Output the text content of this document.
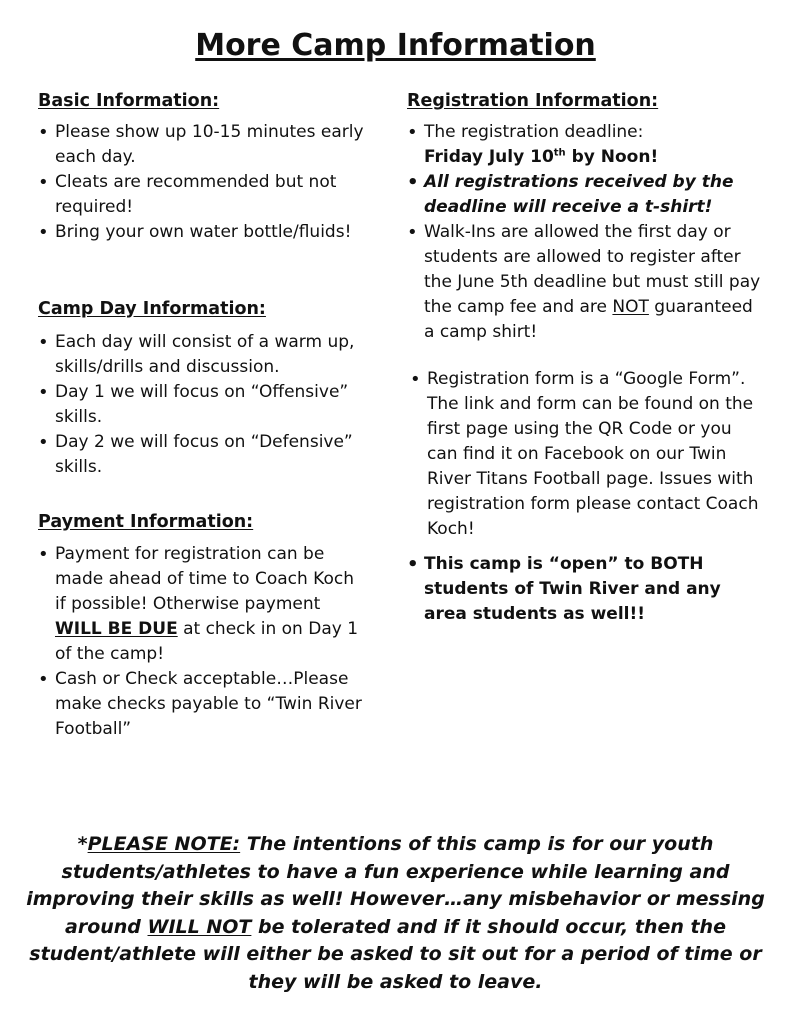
More Camp Information
Basic Information:
• Please show up 10-15 minutes early each day.
• Cleats are recommended but not required!
• Bring your own water bottle/fluids!
Camp Day Information:
• Each day will consist of a warm up, skills/drills and discussion.
• Day 1 we will focus on “Offensive” skills.
• Day 2 we will focus on “Defensive” skills.
Payment Information:
• Payment for registration can be made ahead of time to Coach Koch if possible! Otherwise payment WILL BE DUE at check in on Day 1 of the camp!
• Cash or Check acceptable…Please make checks payable to “Twin River Football”
Registration Information:
• The registration deadline:
Friday July 10th by Noon!
• All registrations received by the deadline will receive a t-shirt!
• Walk-Ins are allowed the first day or students are allowed to register after the June 5th deadline but must still pay the camp fee and are NOT guaranteed a camp shirt!
• Registration form is a “Google Form”. The link and form can be found on the first page using the QR Code or you can find it on Facebook on our Twin River Titans Football page. Issues with registration form please contact Coach Koch!
• This camp is “open” to BOTH students of Twin River and any area students as well!!
*PLEASE NOTE: The intentions of this camp is for our youth students/athletes to have a fun experience while learning and improving their skills as well! However…any misbehavior or messing around WILL NOT be tolerated and if it should occur, then the student/athlete will either be asked to sit out for a period of time or they will be asked to leave.
